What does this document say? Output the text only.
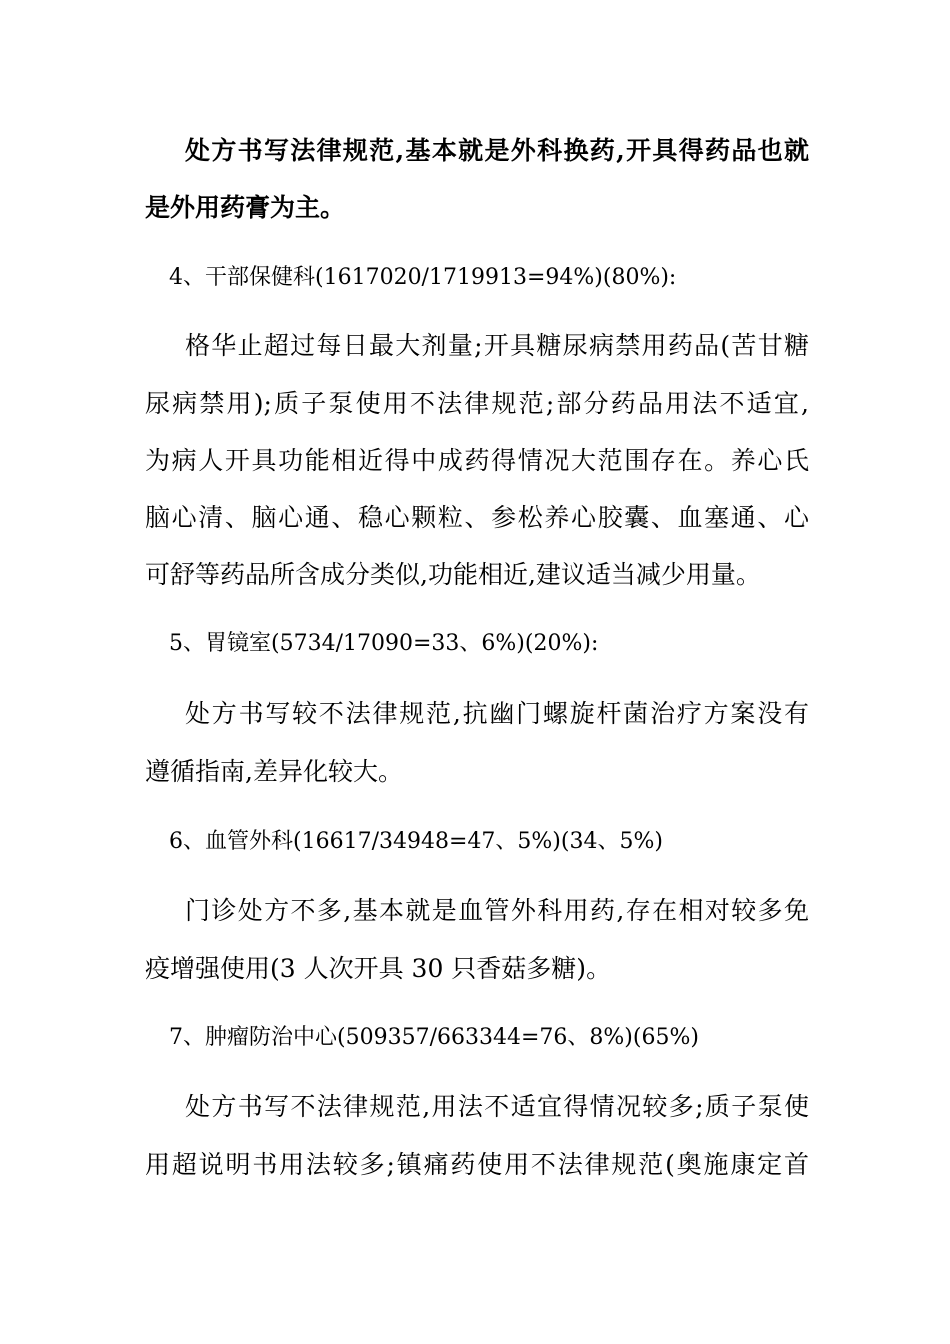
处方书写法律规范,基本就是外科换药,开具得药品也就
是外用药膏为主。
4、干部保健科(1617020/1719913=94%)(80%):
格华止超过每日最大剂量;开具糖尿病禁用药品(苦甘糖
尿病禁用);质子泵使用不法律规范;部分药品用法不适宜,
为病人开具功能相近得中成药得情况大范围存在。养心氏
脑心清、脑心通、稳心颗粒、参松养心胶囊、血塞通、心
可舒等药品所含成分类似,功能相近,建议适当减少用量。
5、胃镜室(5734/17090=33、6%)(20%):
处方书写较不法律规范,抗幽门螺旋杆菌治疗方案没有
遵循指南,差异化较大。
6、血管外科(16617/34948=47、5%)(34、5%)
门诊处方不多,基本就是血管外科用药,存在相对较多免
疫增强使用(3 人次开具 30 只香菇多糖)。
7、肿瘤防治中心(509357/663344=76、8%)(65%)
处方书写不法律规范,用法不适宜得情况较多;质子泵使
用超说明书用法较多;镇痛药使用不法律规范(奥施康定首
